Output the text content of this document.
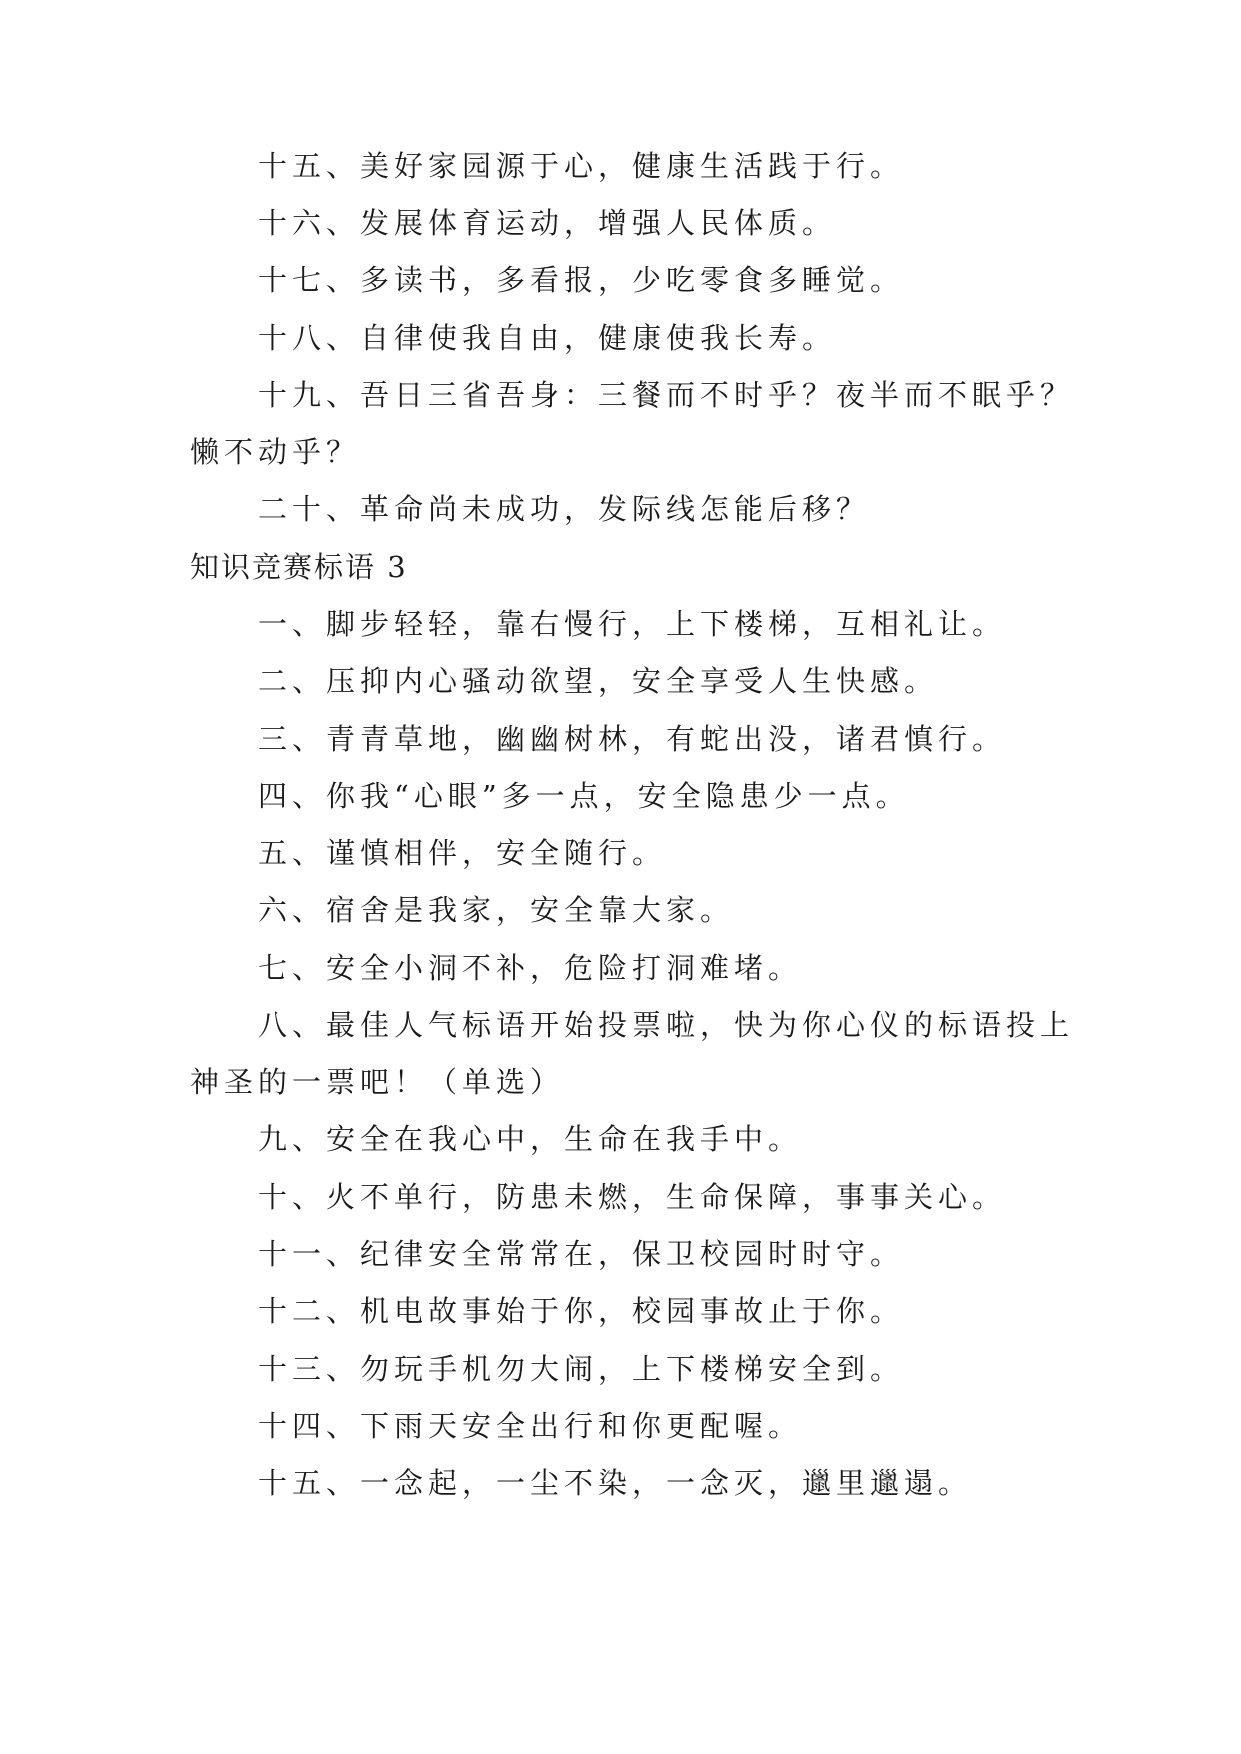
十五、美好家园源于心，健康生活践于行。
十六、发展体育运动，增强人民体质。
十七、多读书，多看报，少吃零食多睡觉。
十八、自律使我自由，健康使我长寿。
十九、吾日三省吾身：三餐而不时乎？夜半而不眠乎？
懒不动乎？
二十、革命尚未成功，发际线怎能后移？
知识竞赛标语 3
一、脚步轻轻，靠右慢行，上下楼梯，互相礼让。
二、压抑内心骚动欲望，安全享受人生快感。
三、青青草地，幽幽树林，有蛇出没，诸君慎行。
四、你我“心眼”多一点，安全隐患少一点。
五、谨慎相伴，安全随行。
六、宿舍是我家，安全靠大家。
七、安全小洞不补，危险打洞难堵。
八、最佳人气标语开始投票啦，快为你心仪的标语投上
神圣的一票吧！（单选）
九、安全在我心中，生命在我手中。
十、火不单行，防患未燃，生命保障，事事关心。
十一、纪律安全常常在，保卫校园时时守。
十二、机电故事始于你，校园事故止于你。
十三、勿玩手机勿大闹，上下楼梯安全到。
十四、下雨天安全出行和你更配喔。
十五、一念起，一尘不染，一念灭，邋里邋遢。
